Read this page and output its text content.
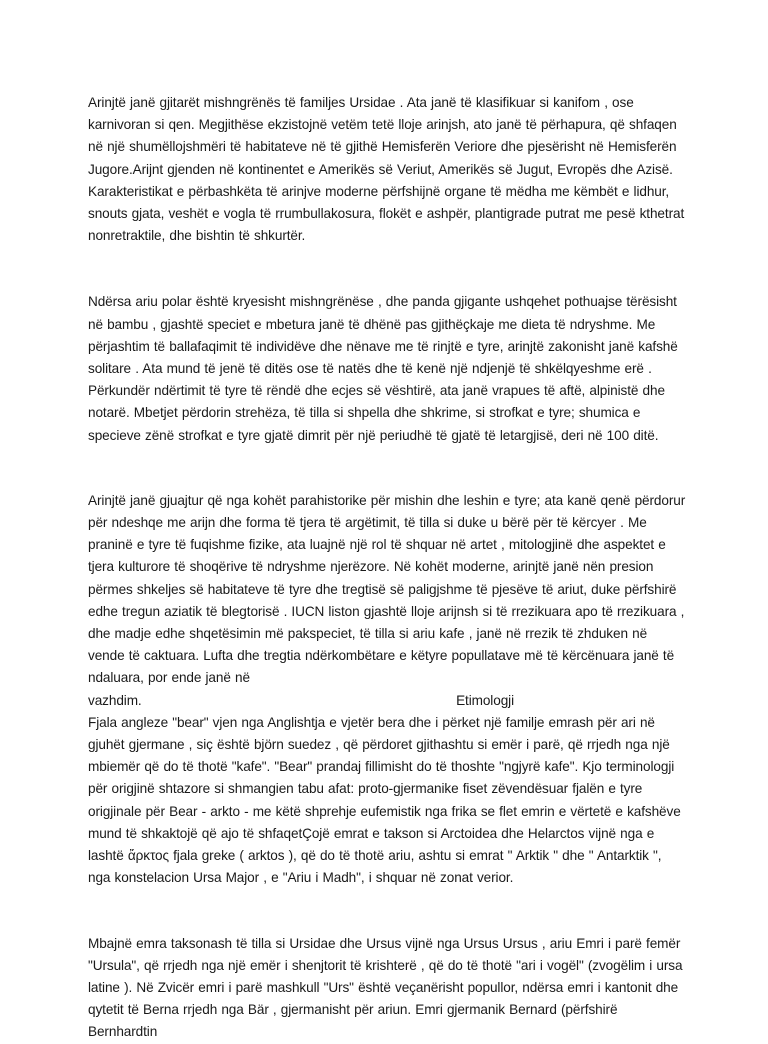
Arinjtë janë gjitarët mishngrënës të familjes Ursidae . Ata janë të klasifikuar si kanifom , ose karnivoran si qen. Megjithëse ekzistojnë vetëm tetë lloje arinjsh, ato janë të përhapura, që shfaqen në një shumëllojshmëri të habitateve në të gjithë Hemisferën Veriore dhe pjesërisht në Hemisferën Jugore.Arijnt gjenden në kontinentet e Amerikës së Veriut, Amerikës së Jugut, Evropës dhe Azisë. Karakteristikat e përbashkëta të arinjve moderne përfshijnë organe të mëdha me këmbët e lidhur, snouts gjata, veshët e vogla të rrumbullakosura, flokët e ashpër, plantigrade putrat me pesë kthetrat nonretraktile, dhe bishtin të shkurtër.

Ndërsa ariu polar është kryesisht mishngrënëse , dhe panda gjigante ushqehet pothuajse tërësisht në bambu , gjashtë speciet e mbetura janë të dhënë pas gjithëçkaje me dieta të ndryshme. Me përjashtim të ballafaqimit të individëve dhe nënave me të rinjtë e tyre, arinjtë zakonisht janë kafshë solitare . Ata mund të jenë të ditës ose të natës dhe të kenë një ndjenjë të shkëlqyeshme erë . Përkundër ndërtimit të tyre të rëndë dhe ecjes së vështirë, ata janë vrapues të aftë, alpinistë dhe notarë. Mbetjet përdorin strehëza, të tilla si shpella dhe shkrime, si strofkat e tyre; shumica e specieve zënë strofkat e tyre gjatë dimrit për një periudhë të gjatë të letargjisë, deri në 100 ditë.

Arinjtë janë gjuajtur që nga kohët parahistorike për mishin dhe leshin e tyre; ata kanë qenë përdorur për ndeshqe me arijn dhe forma të tjera të argëtimit, të tilla si duke u bërë për të kërcyer . Me praninë e tyre të fuqishme fizike, ata luajnë një rol të shquar në artet , mitologjinë dhe aspektet e tjera kulturore të shoqërive të ndryshme njerëzore. Në kohët moderne, arinjtë janë nën presion përmes shkeljes së habitateve të tyre dhe tregtisë së paligjshme të pjesëve të ariut, duke përfshirë edhe tregun aziatik të blegtorisë . IUCN liston gjashtë lloje arijnsh si të rrezikuara apo të rrezikuara , dhe madje edhe shqetësimin më pakspeciet, të tilla si ariu kafe , janë në rrezik të zhduken në vende të caktuara. Lufta dhe tregtia ndërkombëtare e këtyre popullatave më të kërcënuara janë të ndaluara, por ende janë në

vazhdim.	Etimologji

Fjala angleze "bear" vjen nga Anglishtja e vjetër bera dhe i përket një familje emrash për ari në gjuhët gjermane , siç është björn suedez , që përdoret gjithashtu si emër i parë, që rrjedh nga një mbiemër që do të thotë "kafe". "Bear" prandaj fillimisht do të thoshte "ngjyrë kafe". Kjo terminologji për origjinë shtazore si shmangien tabu afat: proto-gjermanike fiset zëvendësuar fjalën e tyre origjinale për Bear - arkto - me këtë shprehje eufemistik nga frika se flet emrin e vërtetë e kafshëve mund të shkaktojë që ajo të shfaqetÇojë emrat e takson si Arctoidea dhe Helarctos vijnë nga e lashtë ἄρκτος fjala greke ( arktos ), që do të thotë ariu, ashtu si emrat " Arktik " dhe " Antarktik ", nga konstelacion Ursa Major , e "Ariu i Madh", i shquar në zonat verior.

Mbajnë emra taksonash të tilla si Ursidae dhe Ursus vijnë nga Ursus Ursus , ariu Emri i parë femër "Ursula", që rrjedh nga një emër i shenjtorit të krishterë , që do të thotë "ari i vogël" (zvogëlim i ursa latine ). Në Zvicër emri i parë mashkull "Urs" është veçanërisht popullor, ndërsa emri i kantonit dhe qytetit të Berna rrjedh nga Bär , gjermanisht për ariun. Emri gjermanik Bernard (përfshirë Bernhardtin
